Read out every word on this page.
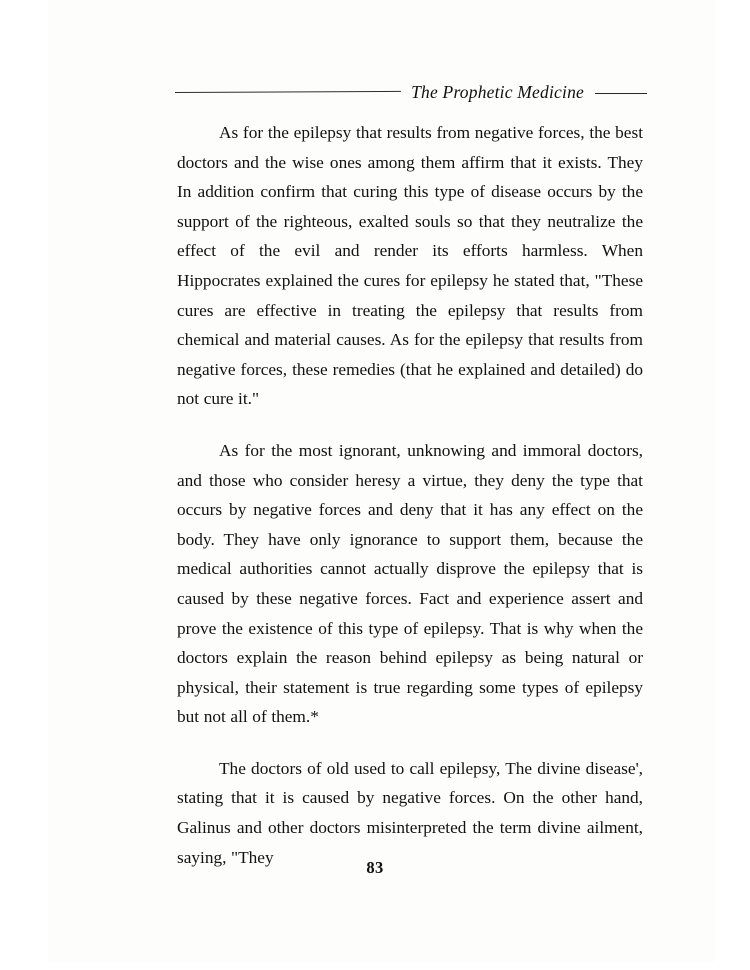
The Prophetic Medicine

As for the epilepsy that results from negative forces, the best doctors and the wise ones among them affirm that it exists. They In addition confirm that curing this type of disease occurs by the support of the righteous, exalted souls so that they neutralize the effect of the evil and render its efforts harmless. When Hippocrates explained the cures for epilepsy he stated that, "These cures are effective in treating the epilepsy that results from chemical and material causes. As for the epilepsy that results from negative forces, these remedies (that he explained and detailed) do not cure it."

As for the most ignorant, unknowing and immoral doctors, and those who consider heresy a virtue, they deny the type that occurs by negative forces and deny that it has any effect on the body. They have only ignorance to support them, because the medical authorities cannot actually disprove the epilepsy that is caused by these negative forces. Fact and experience assert and prove the existence of this type of epilepsy. That is why when the doctors explain the reason behind epilepsy as being natural or physical, their statement is true regarding some types of epilepsy but not all of them.*

The doctors of old used to call epilepsy, The divine disease', stating that it is caused by negative forces. On the other hand, Galinus and other doctors misinterpreted the term divine ailment, saying, "They

83
